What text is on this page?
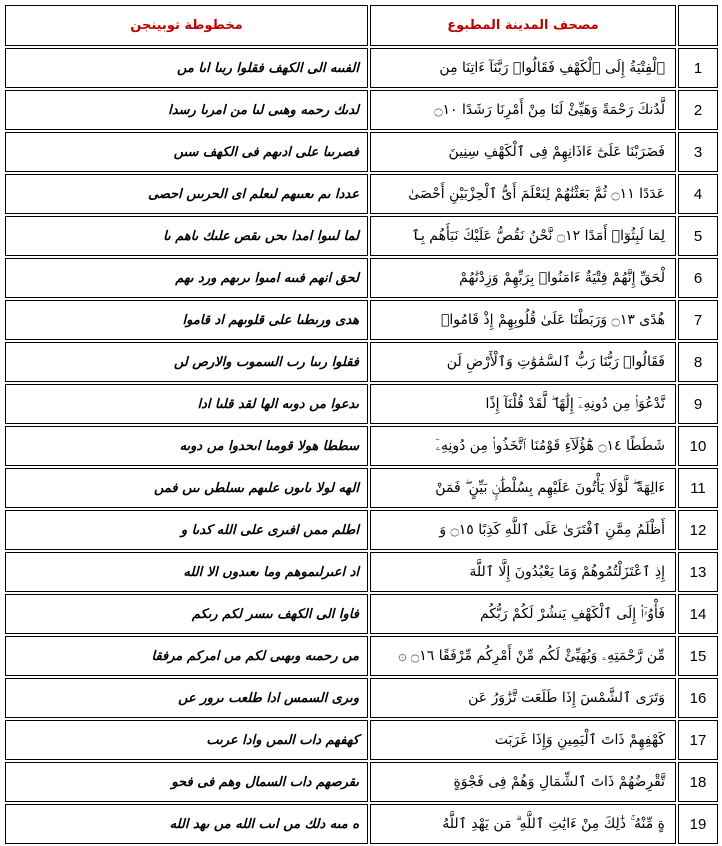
مخطوطة توبينجن	مصحف المدينة المطبوع	
الفىىه الى الكهف فقلوا ربىا اىا مں	ٱلْفِتْيَةُ إِلَى ٱلْكَهْفِ فَقَالُوا۟ رَبَّنَآ ءَاتِنَا مِن	1
لدىك رحمه وهىى لىا من امرىا رسدا	لَّدُنكَ رَحْمَةً وَهَيِّئْ لَنَا مِنْ أَمْرِنَا رَشَدًا ۝١٠	2
فصرىىا على ادىهم فى الكهف سىں	فَضَرَبْنَا عَلَىٰٓ ءَاذَانِهِمْ فِى ٱلْكَهْفِ سِنِينَ	3
عددا ٮم ٮعٮٮهم لىعلم اى الحرٮىں احصى	عَدَدًا ۝١١ ثُمَّ بَعَثْنَٰهُمْ لِنَعْلَمَ أَىُّ ٱلْحِزْبَيْنِ أَحْصَىٰ	4
لما لىٮوا امدا ىحں ىقص علىك ٮاهم ٮا	لِمَا لَبِثُوٓا۟ أَمَدًا ۝١٢ نَّحْنُ نَقُصُّ عَلَيْكَ نَبَأَهُم بِٱ	5
لحق انهم فىىه امىوا ٮرٮهم ورد ٮهم	لْحَقِّ إِنَّهُمْ فِتْيَةٌ ءَامَنُوا۟ بِرَبِّهِمْ وَزِدْنَٰهُمْ	6
هدى ورٮطىا على قلوٮهم اد قاموا	هُدًى ۝١٣ وَرَبَطْنَا عَلَىٰ قُلُوبِهِمْ إِذْ قَامُوا۟	7
فقلوا رٮىا رٮ السموٮ والارص لں	فَقَالُوا۟ رَبُّنَا رَبُّ ٱلسَّمَٰوَٰتِ وَٱلْأَرْضِ لَن	8
ىدعوا مں دوىه الها لقد قلىا ادا	نَّدْعُوَا۟ مِن دُونِهِۦٓ إِلَٰهًا ۖ لَّقَدْ قُلْنَآ إِذًا	9
سططا هولا قومىا اىحدوا مں دوىه	شَطَطًا ۝١٤ هَٰٓؤُلَآءِ قَوْمُنَا ٱتَّخَذُوا۟ مِن دُونِهِۦٓ	10
الهه لولا ىاىوں علىهم ٮسلطں ٮىں فمں	ءَالِهَةً ۖ لَّوْلَا يَأْتُونَ عَلَيْهِم بِسُلْطَٰنٍۭ بَيِّنٍ ۖ فَمَنْ	11
اطلم ممں افىرى على الله كدٮا و	أَظْلَمُ مِمَّنِ ٱفْتَرَىٰ عَلَى ٱللَّهِ كَذِبًا ۝١٥ وَ	12
اد اعىرلىموهم وما ىعٮدوں الا الله	إِذِ ٱعْتَزَلْتُمُوهُمْ وَمَا يَعْبُدُونَ إِلَّا ٱللَّهَ	13
فاوا الى الكهف ىىسر لكم رٮكم	فَأْوُۥٓا۟ إِلَى ٱلْكَهْفِ يَنشُرْ لَكُمْ رَبُّكُم	14
مں رحمىه وىهىى لكم مں امركم مرفقا	مِّن رَّحْمَتِهِۦ وَيُهَيِّئْ لَكُم مِّنْ أَمْرِكُم مِّرْفَقًا ۝١٦ ۞	15
وىرى السمس ادا طلعٮ ىرور عں	وَتَرَى ٱلشَّمْسَ إِذَا طَلَعَت تَّزَٰوَرُ عَن	16
كهفهم داٮ الىمں وادا عرٮٮ	كَهْفِهِمْ ذَاتَ ٱلْيَمِينِ وَإِذَا غَرَبَت	17
ىقرصهم داٮ السمال وهم فى فحو	تَّقْرِضُهُمْ ذَاتَ ٱلشِّمَالِ وَهُمْ فِى فَجْوَةٍ	18
ه مىه دلك مں اىٮ الله مں ىهد الله	ةٍ مِّنْهُ ۚ ذَٰلِكَ مِنْ ءَايَٰتِ ٱللَّهِ ۗ مَن يَهْدِ ٱللَّهُ	19
